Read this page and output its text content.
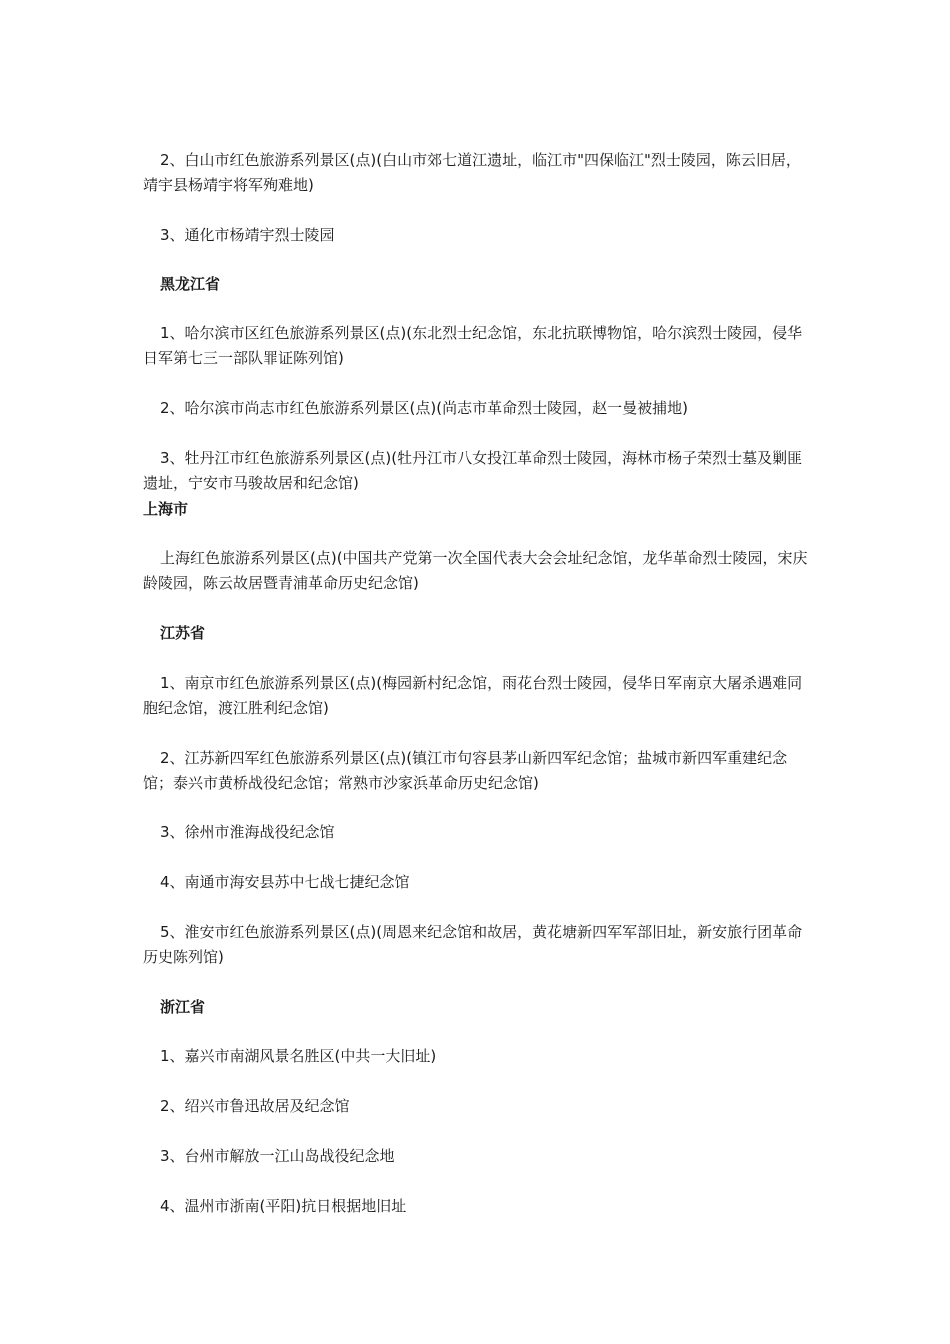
2、白山市红色旅游系列景区(点)(白山市郊七道江遗址，临江市"四保临江"烈士陵园，陈云旧居，靖宇县杨靖宇将军殉难地)

3、通化市杨靖宇烈士陵园

黑龙江省

1、哈尔滨市区红色旅游系列景区(点)(东北烈士纪念馆，东北抗联博物馆，哈尔滨烈士陵园，侵华日军第七三一部队罪证陈列馆)

2、哈尔滨市尚志市红色旅游系列景区(点)(尚志市革命烈士陵园，赵一曼被捕地)

3、牡丹江市红色旅游系列景区(点)(牡丹江市八女投江革命烈士陵园，海林市杨子荣烈士墓及剿匪遗址，宁安市马骏故居和纪念馆)

上海市

上海红色旅游系列景区(点)(中国共产党第一次全国代表大会会址纪念馆，龙华革命烈士陵园，宋庆龄陵园，陈云故居暨青浦革命历史纪念馆)

江苏省

1、南京市红色旅游系列景区(点)(梅园新村纪念馆，雨花台烈士陵园，侵华日军南京大屠杀遇难同胞纪念馆，渡江胜利纪念馆)

2、江苏新四军红色旅游系列景区(点)(镇江市句容县茅山新四军纪念馆；盐城市新四军重建纪念馆；泰兴市黄桥战役纪念馆；常熟市沙家浜革命历史纪念馆)

3、徐州市淮海战役纪念馆

4、南通市海安县苏中七战七捷纪念馆

5、淮安市红色旅游系列景区(点)(周恩来纪念馆和故居，黄花塘新四军军部旧址，新安旅行团革命历史陈列馆)

浙江省

1、嘉兴市南湖风景名胜区(中共一大旧址)

2、绍兴市鲁迅故居及纪念馆

3、台州市解放一江山岛战役纪念地

4、温州市浙南(平阳)抗日根据地旧址
